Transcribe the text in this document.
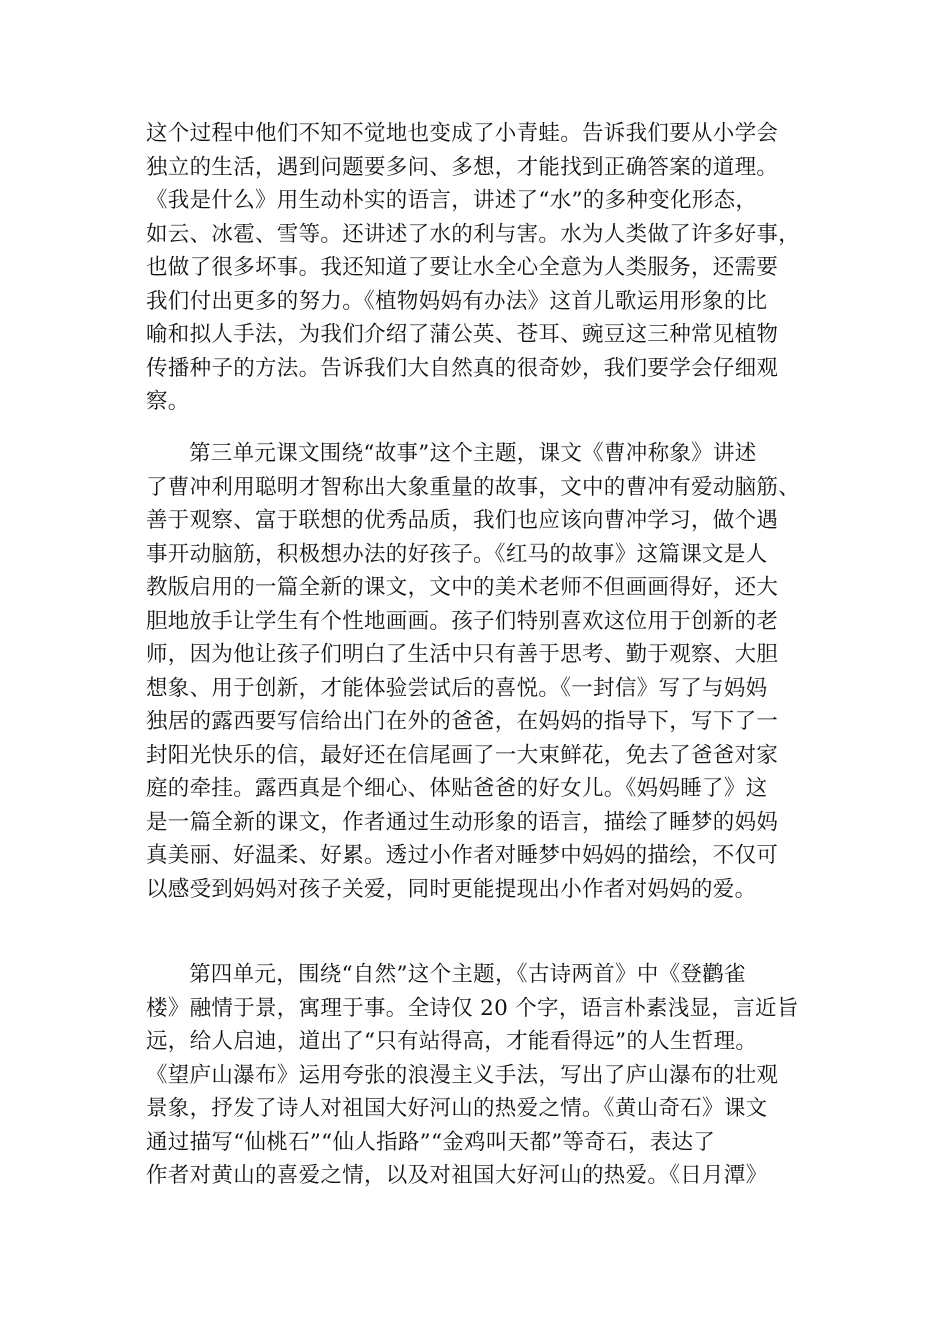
这个过程中他们不知不觉地也变成了小青蛙。告诉我们要从小学会
独立的生活，遇到问题要多问、多想，才能找到正确答案的道理。
《我是什么》用生动朴实的语言，讲述了“水”的多种变化形态，
如云、冰雹、雪等。还讲述了水的利与害。水为人类做了许多好事，
也做了很多坏事。我还知道了要让水全心全意为人类服务，还需要
我们付出更多的努力。《植物妈妈有办法》这首儿歌运用形象的比
喻和拟人手法，为我们介绍了蒲公英、苍耳、豌豆这三种常见植物
传播种子的方法。告诉我们大自然真的很奇妙，我们要学会仔细观
察。
第三单元课文围绕“故事”这个主题，课文《曹冲称象》讲述
了曹冲利用聪明才智称出大象重量的故事，文中的曹冲有爱动脑筋、
善于观察、富于联想的优秀品质，我们也应该向曹冲学习，做个遇
事开动脑筋，积极想办法的好孩子。《红马的故事》这篇课文是人
教版启用的一篇全新的课文，文中的美术老师不但画画得好，还大
胆地放手让学生有个性地画画。孩子们特别喜欢这位用于创新的老
师，因为他让孩子们明白了生活中只有善于思考、勤于观察、大胆
想象、用于创新，才能体验尝试后的喜悦。《一封信》写了与妈妈
独居的露西要写信给出门在外的爸爸，在妈妈的指导下，写下了一
封阳光快乐的信，最好还在信尾画了一大束鲜花，免去了爸爸对家
庭的牵挂。露西真是个细心、体贴爸爸的好女儿。《妈妈睡了》这
是一篇全新的课文，作者通过生动形象的语言，描绘了睡梦的妈妈
真美丽、好温柔、好累。透过小作者对睡梦中妈妈的描绘，不仅可
以感受到妈妈对孩子关爱，同时更能提现出小作者对妈妈的爱。
第四单元，围绕“自然”这个主题，《古诗两首》中《登鹳雀
楼》融情于景，寓理于事。全诗仅 20 个字，语言朴素浅显，言近旨
远，给人启迪，道出了“只有站得高，才能看得远”的人生哲理。
《望庐山瀑布》运用夸张的浪漫主义手法，写出了庐山瀑布的壮观
景象，抒发了诗人对祖国大好河山的热爱之情。《黄山奇石》课文
通过描写“仙桃石”“仙人指路”“金鸡叫天都”等奇石，表达了
作者对黄山的喜爱之情，以及对祖国大好河山的热爱。《日月潭》
